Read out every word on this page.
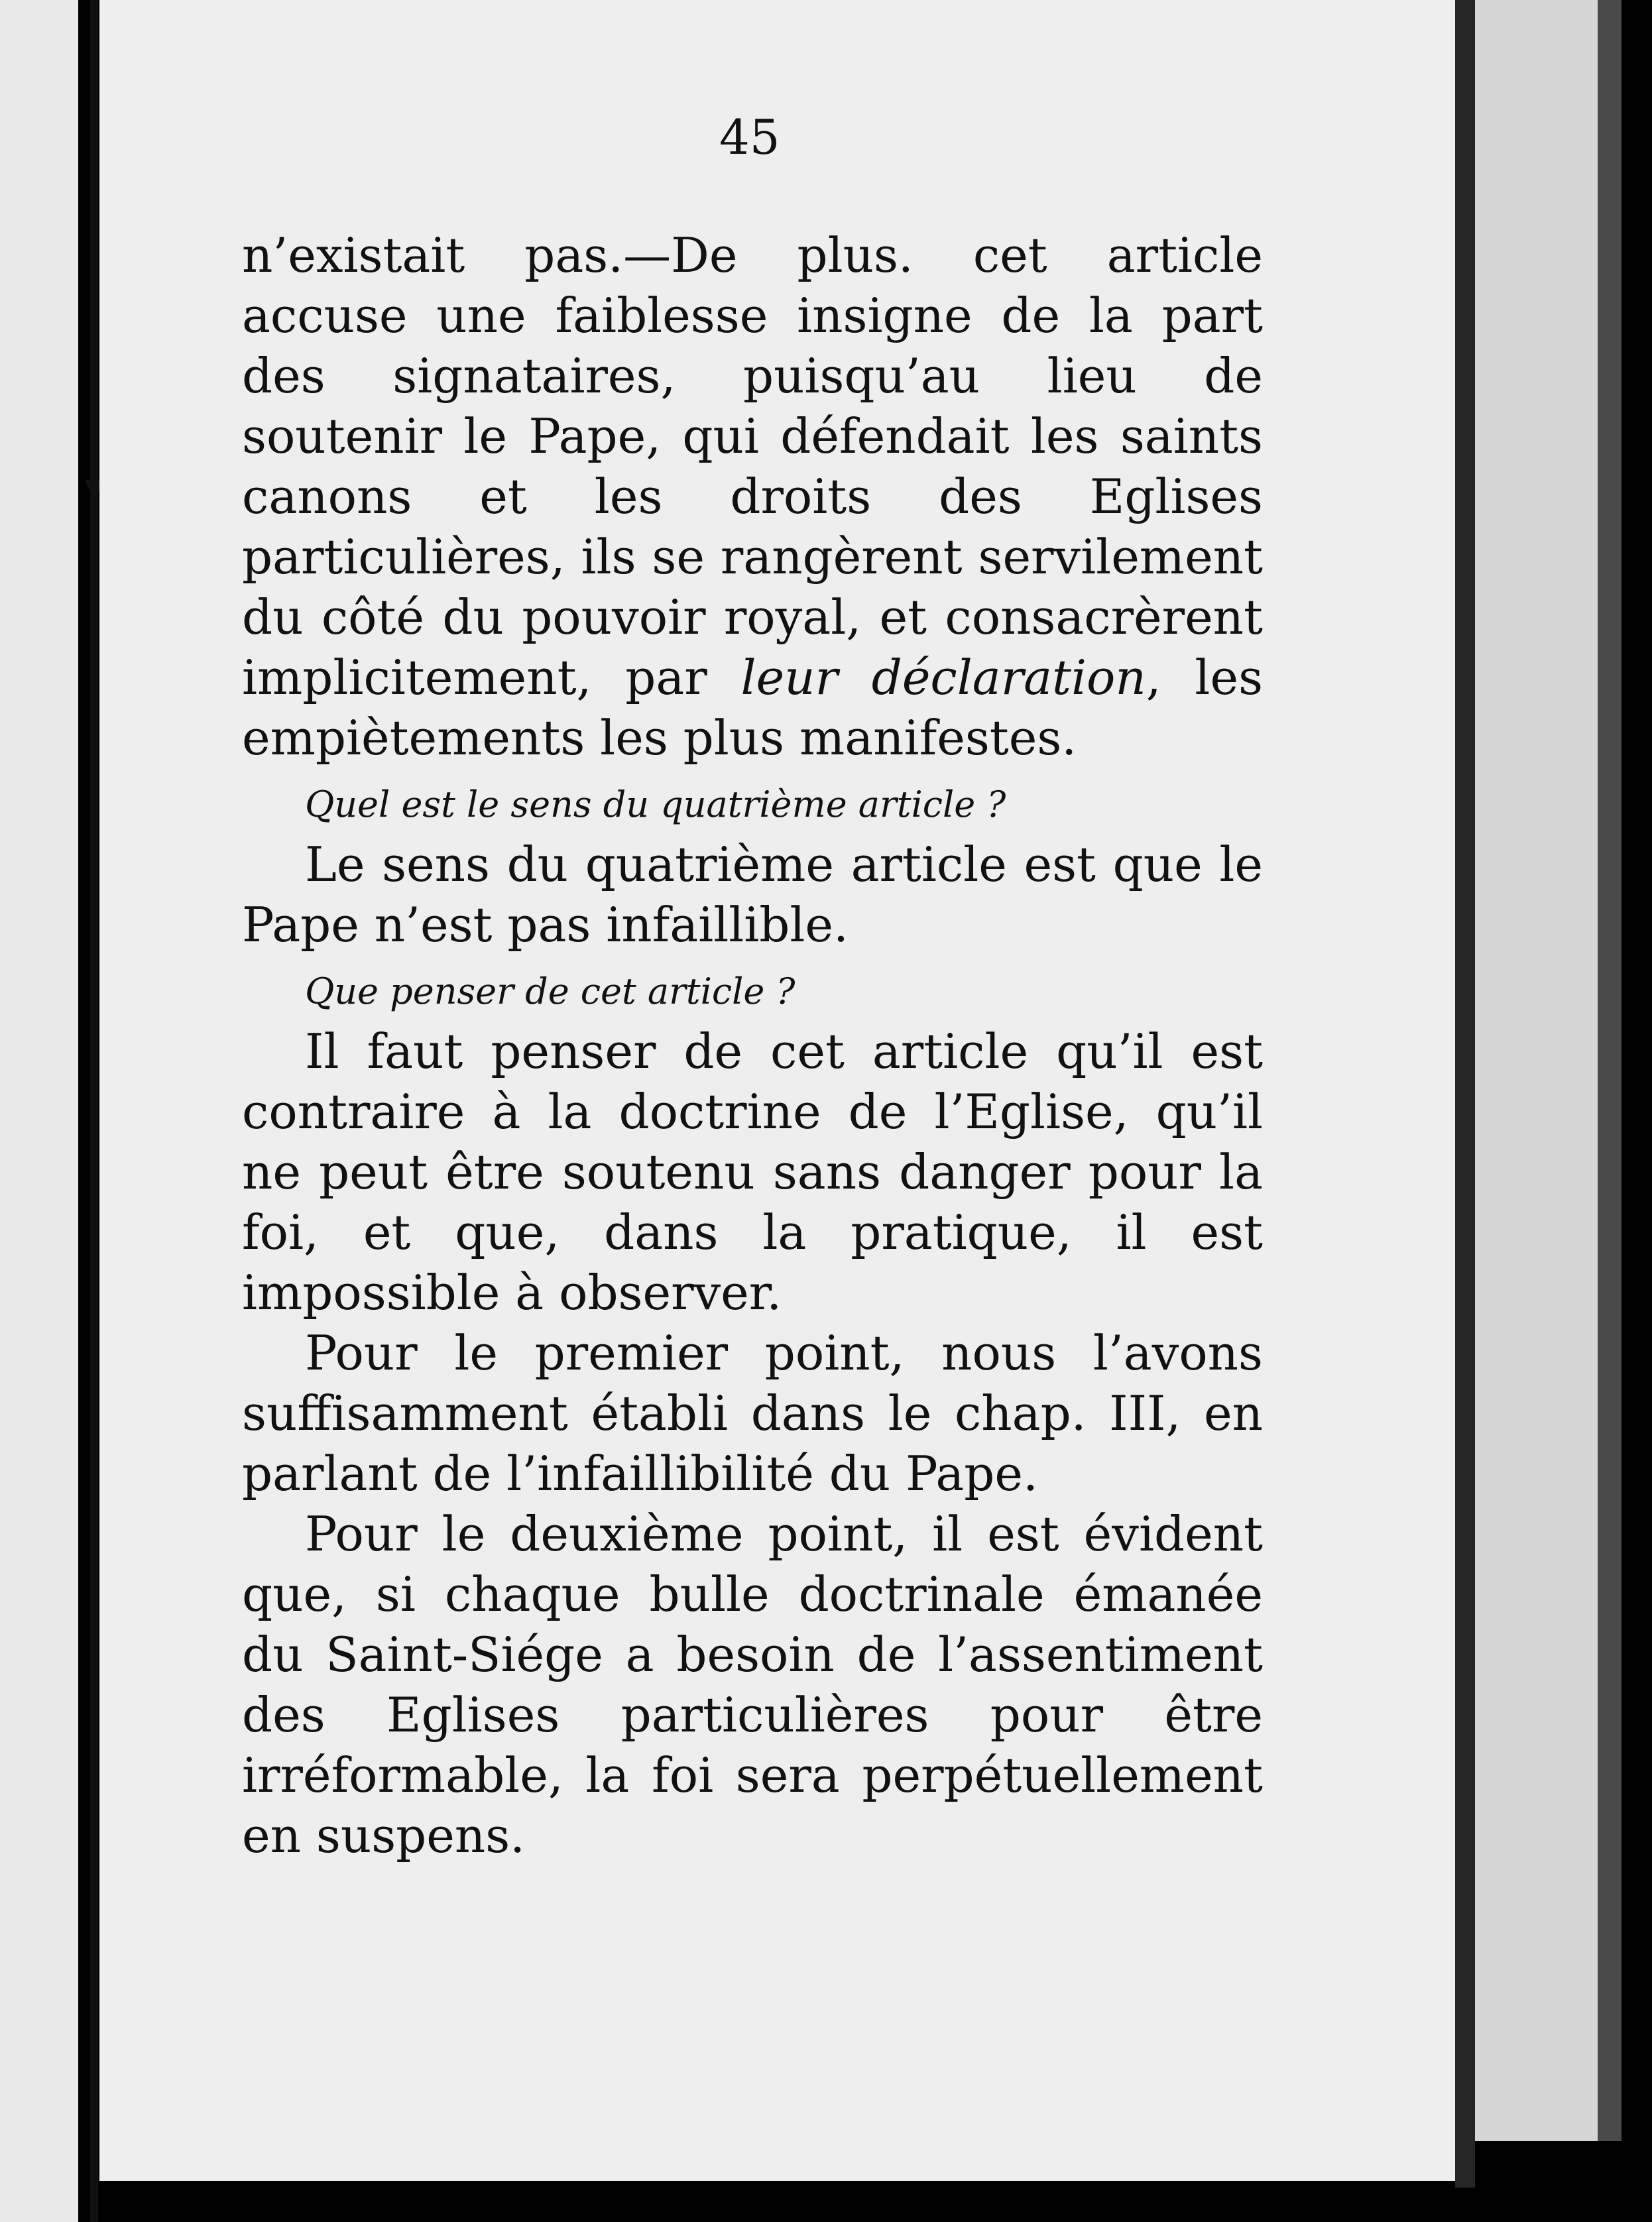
45

n’existait pas.—De plus. cet article accuse une faiblesse insigne de la part des signataires, puisqu’au lieu de soutenir le Pape, qui défendait les saints canons et les droits des Eglises particulières, ils se rangèrent servilement du côté du pouvoir royal, et consacrèrent implicitement, par leur déclaration, les empiètements les plus manifestes.

Quel est le sens du quatrième article ?

Le sens du quatrième article est que le Pape n’est pas infaillible.

Que penser de cet article ?

Il faut penser de cet article qu’il est contraire à la doctrine de l’Eglise, qu’il ne peut être soutenu sans danger pour la foi, et que, dans la pratique, il est impossible à observer.

Pour le premier point, nous l’avons suffisamment établi dans le chap. III, en parlant de l’infaillibilité du Pape.

Pour le deuxième point, il est évident que, si chaque bulle doctrinale émanée du Saint-Siége a besoin de l’assentiment des Eglises particulières pour être irréformable, la foi sera perpétuellement en suspens.
